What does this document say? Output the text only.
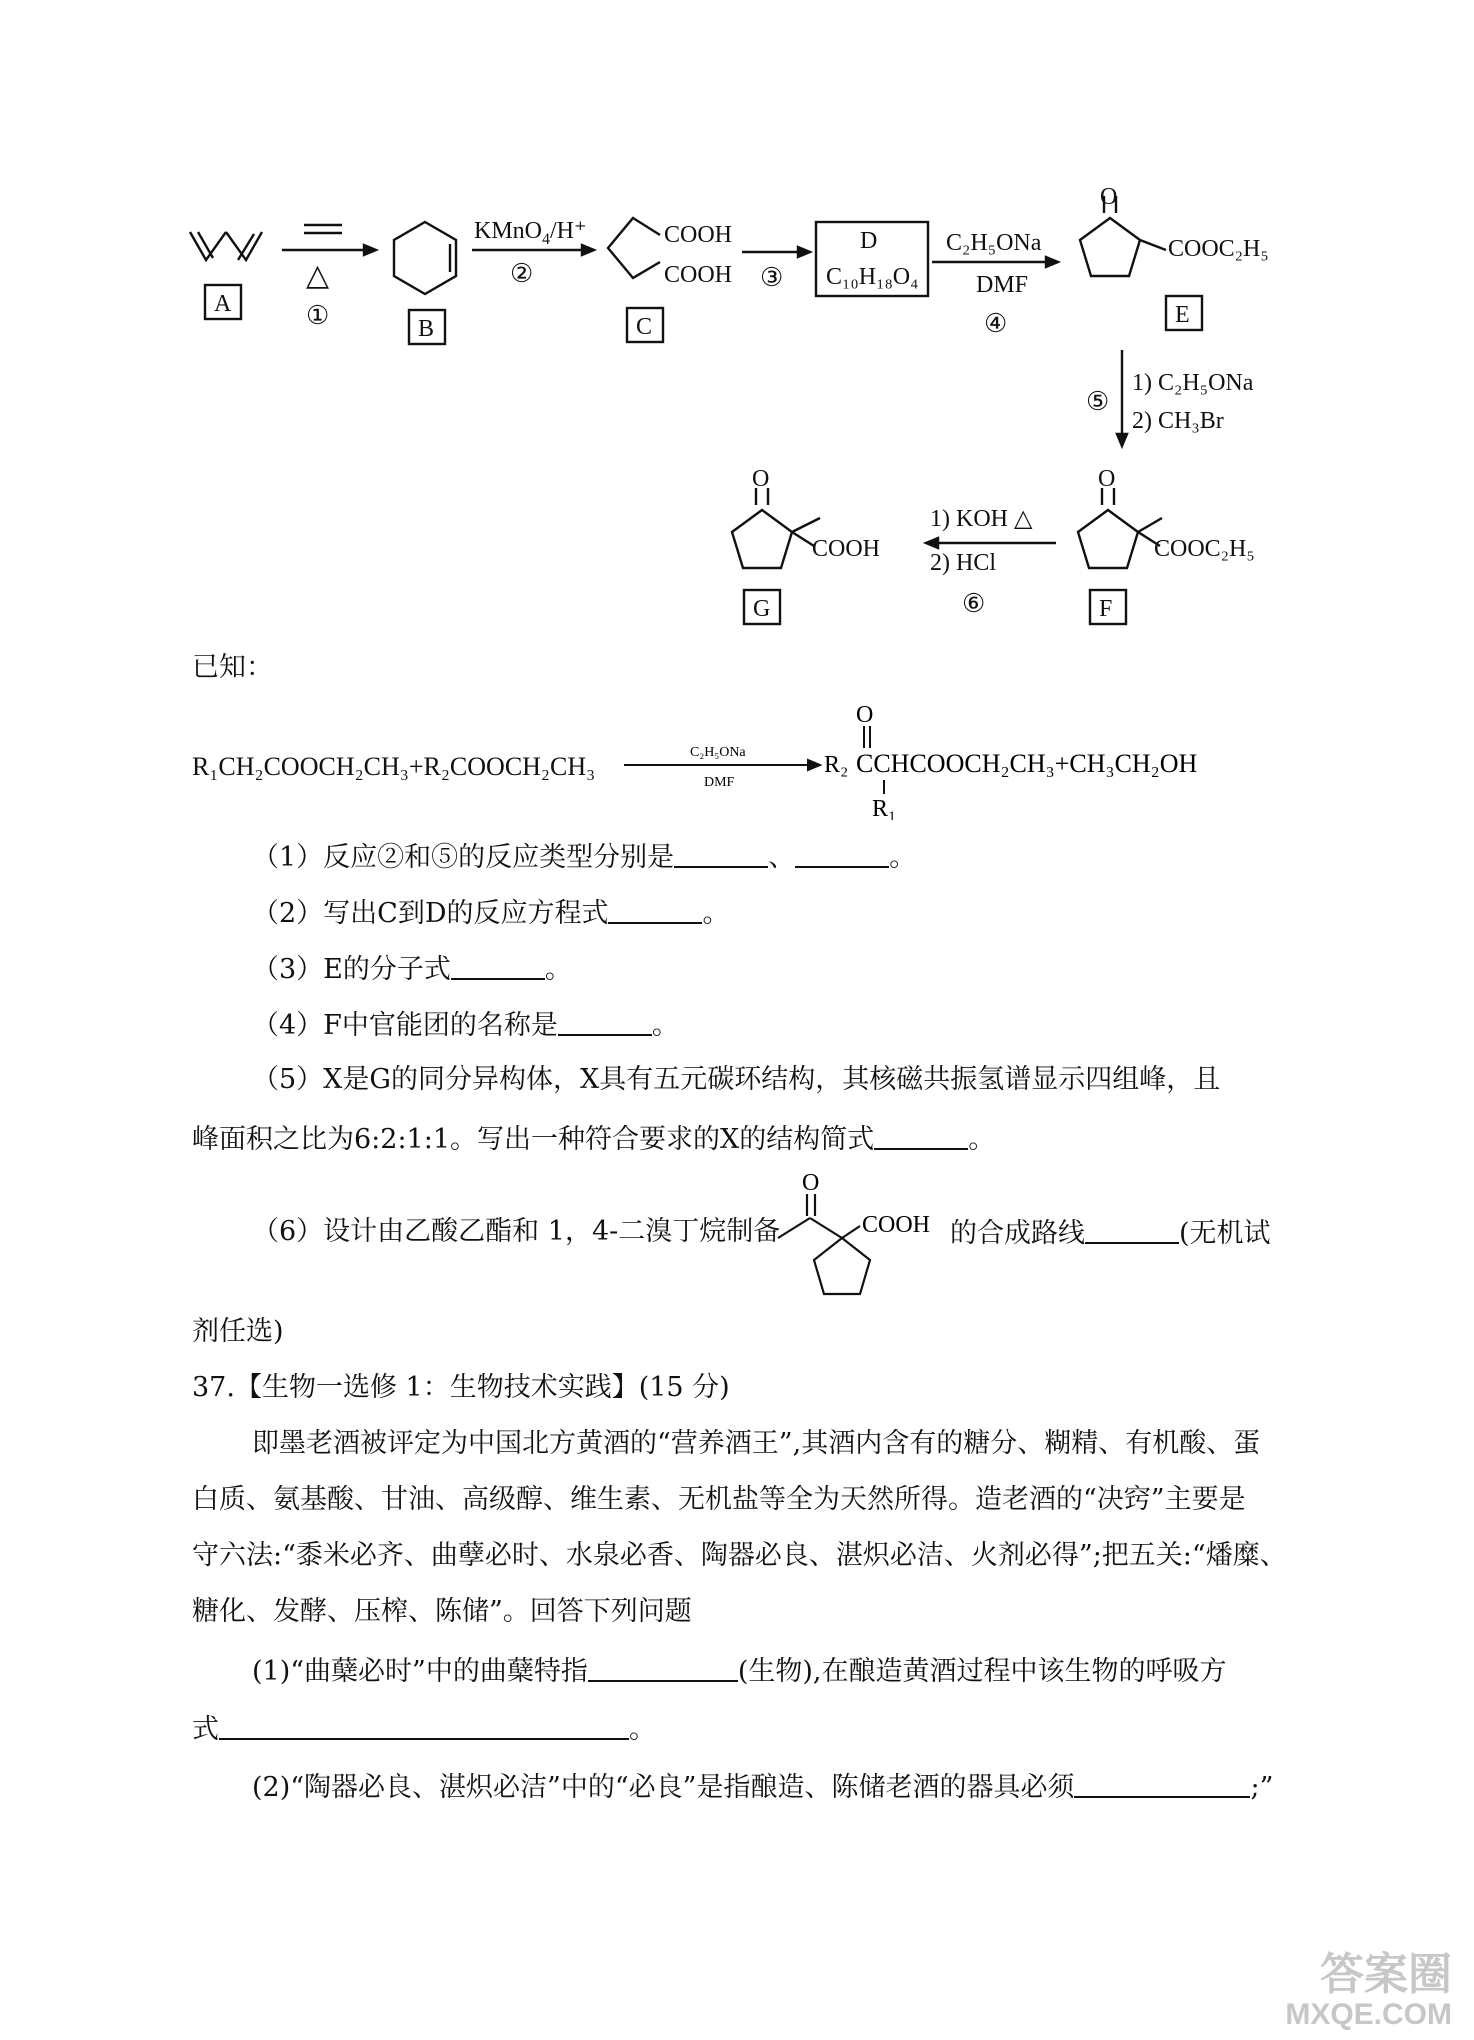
A
△
①	B
KMnO$_4$/H⁺
②
COOH
COOH
C
③
D
C₁₀H₁₈O₄
C₂H₅ONa
DMF
④
O
COOC₂H₅
E
⑤
1) C₂H₅ONa
2) CH₃Br
O
COOC₂H₅
F
1) KOH △
2) HCl
⑥
O
COOH
G
已知：
R₁CH₂COOCH₂CH₃+R₂COOCH₂CH₃	C₂H₅ONa
DMF
O
R₂ CCHCOOCH₂CH₃+CH₃CH₂OH
R₁
（1）反应②和⑤的反应类型分别是	、	。
（2）写出C到D的反应方程式	。
（3）E的分子式	。
（4）F中官能团的名称是	。
（5）X是G的同分异构体，X具有五元碳环结构，其核磁共振氢谱显示四组峰，且
峰面积之比为6:2:1:1。写出一种符合要求的X的结构简式	。
（6）设计由乙酸乙酯和 1，4-二溴丁烷制备
O
COOH 的合成路线	(无机试
剂任选)
37.【生物一选修 1：生物技术实践】(15 分)
即墨老酒被评定为中国北方黄酒的“营养酒王”,其酒内含有的糖分、糊精、有机酸、蛋
白质、氨基酸、甘油、高级醇、维生素、无机盐等全为天然所得。造老酒的“决窍”主要是
守六法:“黍米必齐、曲孽必时、水泉必香、陶器必良、湛炽必洁、火剂必得”;把五关:“燔糜、
糖化、发酵、压榨、陈储”。回答下列问题
(1)“曲蘖必时”中的曲蘖特指	(生物),在酿造黄酒过程中该生物的呼吸方
式	。
(2)“陶器必良、湛炽必洁”中的“必良”是指酿造、陈储老酒的器具必须	;”
答案圈
MXQE.COM
